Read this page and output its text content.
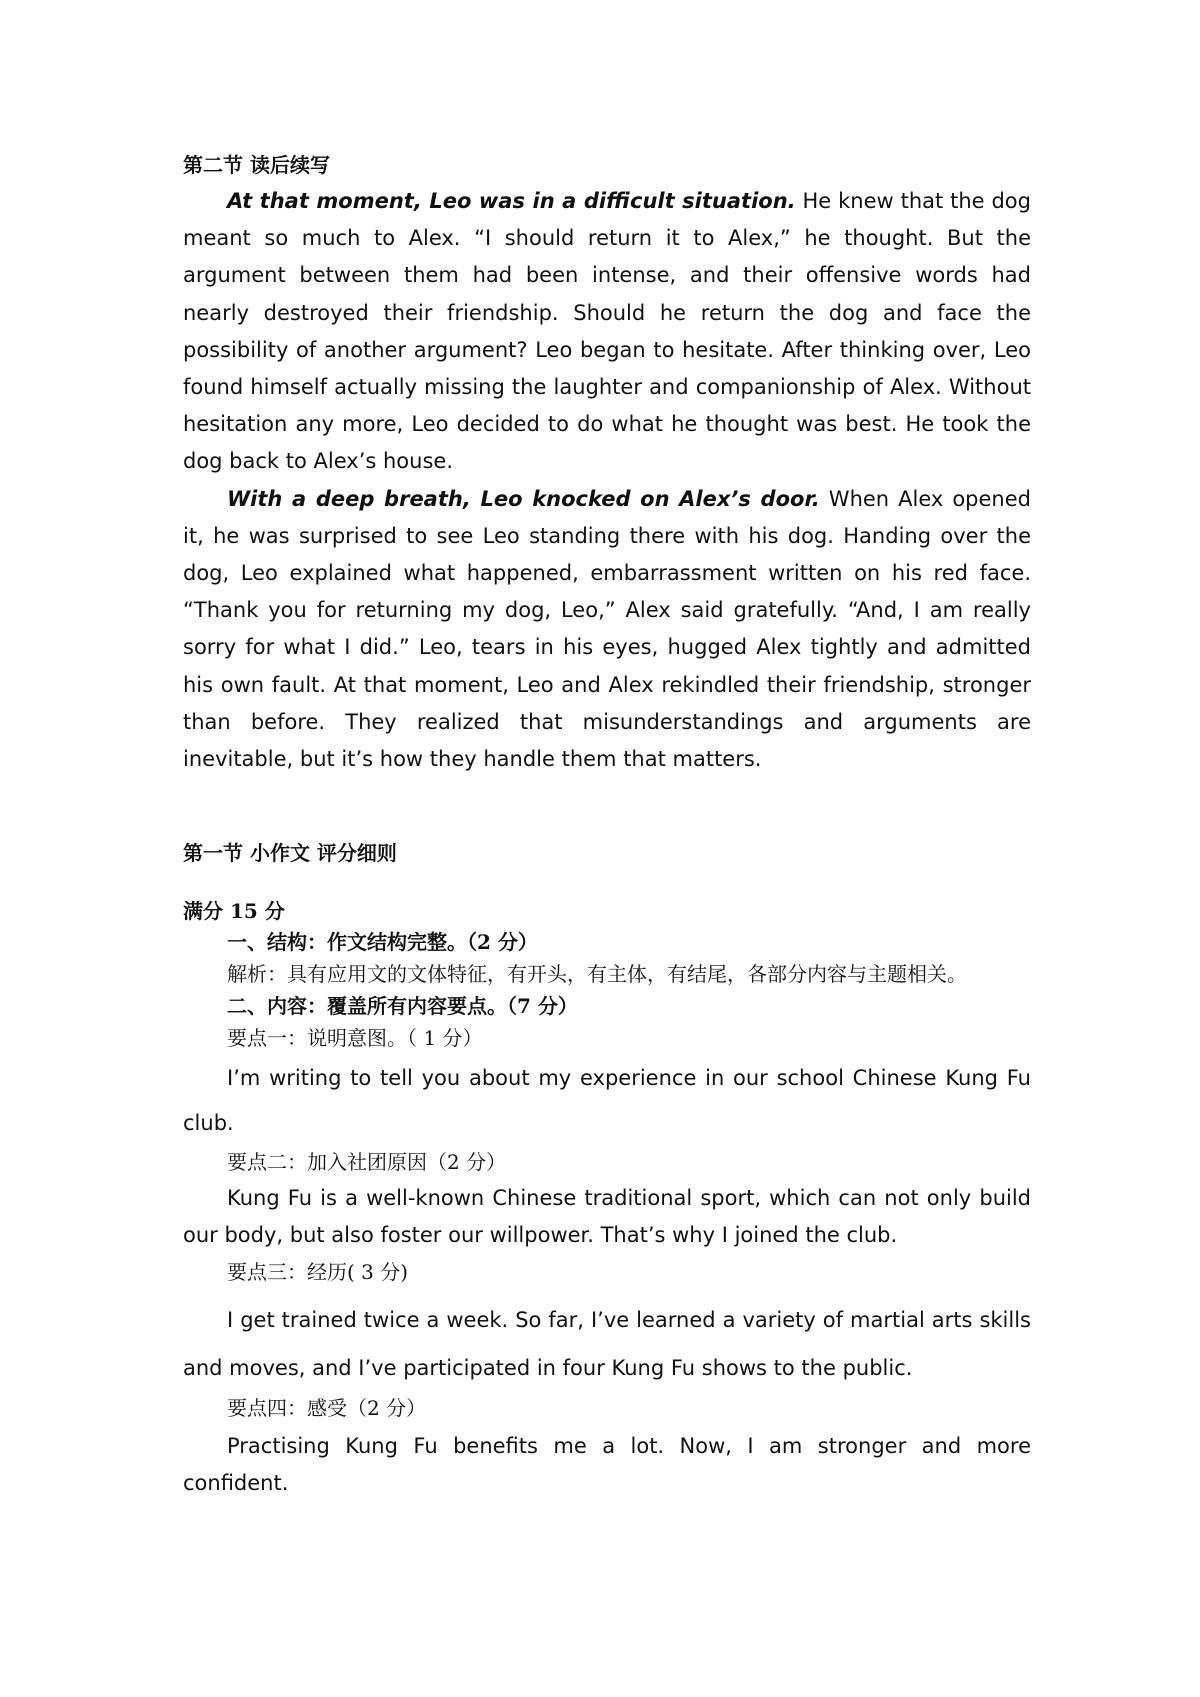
第二节 读后续写

At that moment, Leo was in a difficult situation. He knew that the dog meant so much to Alex. “I should return it to Alex,” he thought. But the argument between them had been intense, and their offensive words had nearly destroyed their friendship. Should he return the dog and face the possibility of another argument? Leo began to hesitate. After thinking over, Leo found himself actually missing the laughter and companionship of Alex. Without hesitation any more, Leo decided to do what he thought was best. He took the dog back to Alex’s house.

With a deep breath, Leo knocked on Alex’s door. When Alex opened it, he was surprised to see Leo standing there with his dog. Handing over the dog, Leo explained what happened, embarrassment written on his red face. “Thank you for returning my dog, Leo,” Alex said gratefully. “And, I am really sorry for what I did.” Leo, tears in his eyes, hugged Alex tightly and admitted his own fault. At that moment, Leo and Alex rekindled their friendship, stronger than before. They realized that misunderstandings and arguments are inevitable, but it’s how they handle them that matters.

第一节 小作文 评分细则

满分 15 分

一、结构：作文结构完整。（2 分）

解析：具有应用文的文体特征，有开头，有主体，有结尾，各部分内容与主题相关。

二、内容：覆盖所有内容要点。（7 分）

要点一：说明意图。（ 1 分）

I’m writing to tell you about my experience in our school Chinese Kung Fu club.

要点二：加入社团原因（2 分）

Kung Fu is a well-known Chinese traditional sport, which can not only build our body, but also foster our willpower. That’s why I joined the club.

要点三：经历( 3 分)

I get trained twice a week. So far, I’ve learned a variety of martial arts skills and moves, and I’ve participated in four Kung Fu shows to the public.

要点四：感受（2 分）

Practising Kung Fu benefits me a lot. Now, I am stronger and more confident.
